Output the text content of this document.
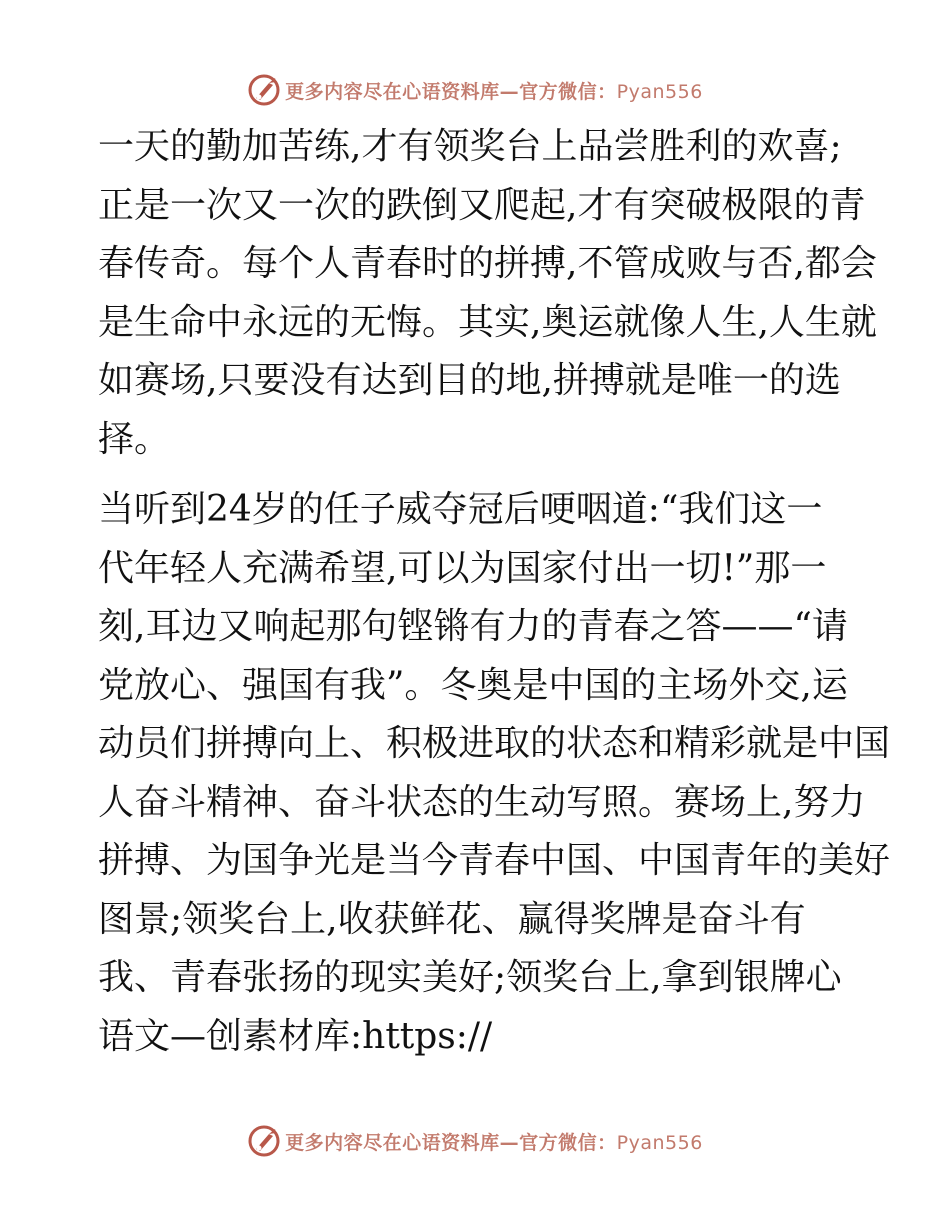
更多内容尽在心语资料库—官方微信：Pyan556

一天的勤加苦练,才有领奖台上品尝胜利的欢喜;
正是一次又一次的跌倒又爬起,才有突破极限的青
春传奇。每个人青春时的拼搏,不管成败与否,都会
是生命中永远的无悔。其实,奥运就像人生,人生就
如赛场,只要没有达到目的地,拼搏就是唯一的选
择。

当听到24岁的任子威夺冠后哽咽道:“我们这一
代年轻人充满希望,可以为国家付出一切!”那一
刻,耳边又响起那句铿锵有力的青春之答——“请
党放心、强国有我”。冬奥是中国的主场外交,运
动员们拼搏向上、积极进取的状态和精彩就是中国
人奋斗精神、奋斗状态的生动写照。赛场上,努力
拼搏、为国争光是当今青春中国、中国青年的美好
图景;领奖台上,收获鲜花、赢得奖牌是奋斗有
我、青春张扬的现实美好;领奖台上,拿到银牌心
语文—创素材库:https://

更多内容尽在心语资料库—官方微信：Pyan556
